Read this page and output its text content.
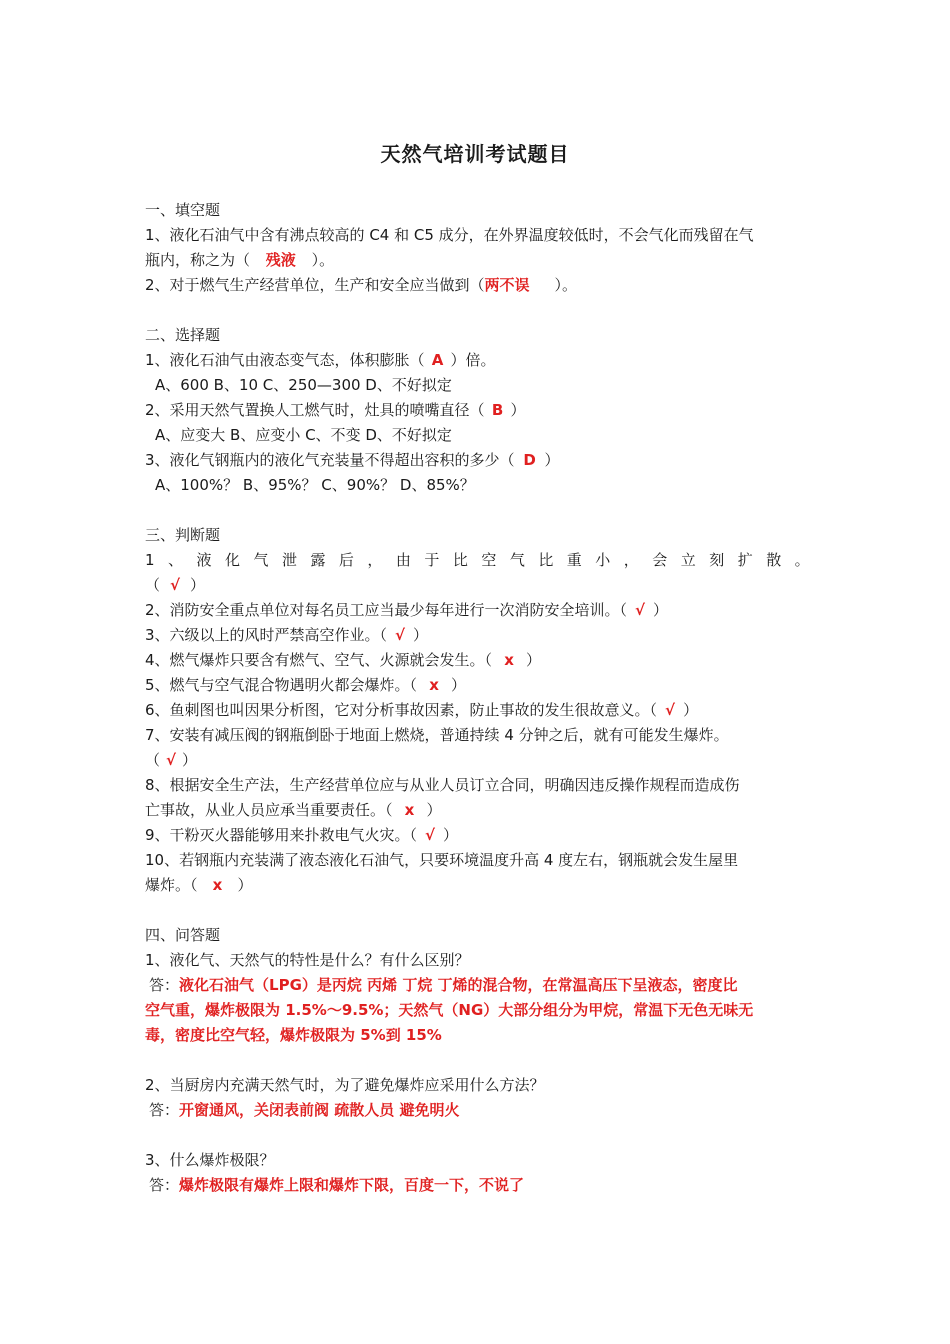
天然气培训考试题目
一、填空题
1、液化石油气中含有沸点较高的 C4 和 C5 成分，在外界温度较低时，不会气化而残留在气
瓶内，称之为（ 残液 ）。
2、对于燃气生产经营单位，生产和安全应当做到（两不误 ）。
二、选择题
1、液化石油气由液态变气态，体积膨胀（ A ）倍。
A、600 B、10 C、250—300 D、不好拟定
2、采用天然气置换人工燃气时，灶具的喷嘴直径（ B ）
A、应变大 B、应变小 C、不变 D、不好拟定
3、液化气钢瓶内的液化气充装量不得超出容积的多少（ D ）
A、100%？ B、95%？ C、90%？ D、85%？
三、判断题
1 、 液 化 气 泄 露 后 ， 由 于 比 空 气 比 重 小 ， 会 立 刻 扩 散 。
（ √ ）
2、消防安全重点单位对每名员工应当最少每年进行一次消防安全培训。（ √ ）
3、六级以上的风时严禁高空作业。（ √ ）
4、燃气爆炸只要含有燃气、空气、火源就会发生。（ x ）
5、燃气与空气混合物遇明火都会爆炸。（ x ）
6、鱼刺图也叫因果分析图，它对分析事故因素，防止事故的发生很故意义。（ √ ）
7、安装有减压阀的钢瓶倒卧于地面上燃烧，普通持续 4 分钟之后，就有可能发生爆炸。
（ √ ）
8、根据安全生产法，生产经营单位应与从业人员订立合同，明确因违反操作规程而造成伤
亡事故，从业人员应承当重要责任。（ x ）
9、干粉灭火器能够用来扑救电气火灾。（ √ ）
10、若钢瓶内充装满了液态液化石油气，只要环境温度升高 4 度左右，钢瓶就会发生屋里
爆炸。（ x ）
四、问答题
1、液化气、天然气的特性是什么？有什么区别？
答：液化石油气（LPG）是丙烷 丙烯 丁烷 丁烯的混合物，在常温高压下呈液态，密度比
空气重，爆炸极限为 1.5%～9.5%；天然气（NG）大部分组分为甲烷，常温下无色无味无
毒，密度比空气轻，爆炸极限为 5%到 15%
2、当厨房内充满天然气时，为了避免爆炸应采用什么方法？
答：开窗通风，关闭表前阀 疏散人员 避免明火
3、什么爆炸极限？
答：爆炸极限有爆炸上限和爆炸下限，百度一下，不说了
